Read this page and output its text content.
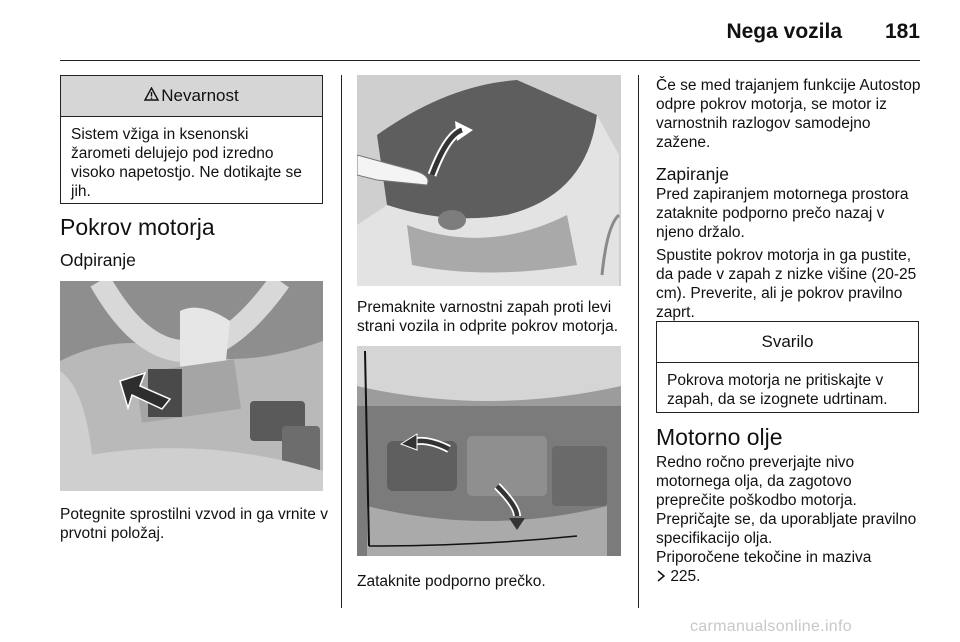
Nega vozila 181
Nevarnost
Sistem vžiga in ksenonski žarometi delujejo pod izredno visoko napetostjo. Ne dotikajte se jih.
Pokrov motorja
Odpiranje
Potegnite sprostilni vzvod in ga vrnite v prvotni položaj.
Premaknite varnostni zapah proti levi strani vozila in odprite pokrov motorja.
Zataknite podporno prečko.
Če se med trajanjem funkcije Autostop odpre pokrov motorja, se motor iz varnostnih razlogov samodejno zažene.
Zapiranje
Pred zapiranjem motornega prostora zataknite podporno prečo nazaj v njeno držalo.
Spustite pokrov motorja in ga pustite, da pade v zapah z nizke višine (20-25 cm). Preverite, ali je pokrov pravilno zaprt.
Svarilo
Pokrova motorja ne pritiskajte v zapah, da se izognete udrtinam.
Motorno olje
Redno ročno preverjajte nivo motornega olja, da zagotovo preprečite poškodbo motorja. Prepričajte se, da uporabljate pravilno specifikacijo olja.
Priporočene tekočine in maziva
225.
carmanualsonline.info
